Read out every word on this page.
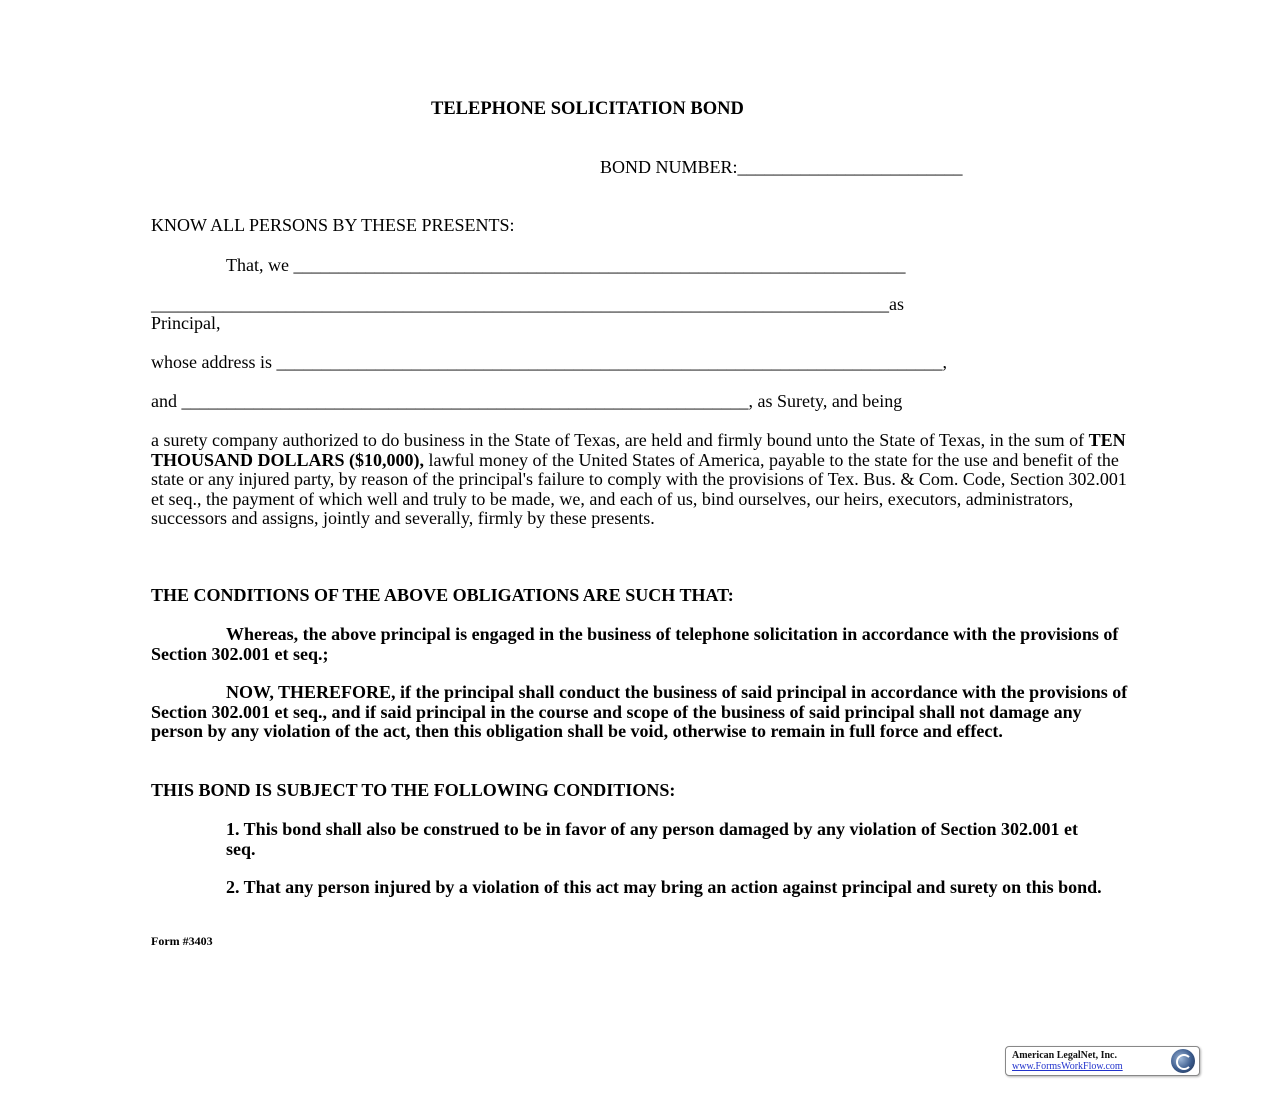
TELEPHONE SOLICITATION BOND
BOND NUMBER:_________________________
KNOW ALL PERSONS BY THESE PRESENTS:
That, we ____________________________________________________________________
__________________________________________________________________________________as
Principal,
whose address is __________________________________________________________________________,
and _______________________________________________________________, as Surety, and being
a surety company authorized to do business in the State of Texas, are held and firmly bound unto the State of Texas, in the sum of TEN THOUSAND DOLLARS ($10,000), lawful money of the United States of America, payable to the state for the use and benefit of the state or any injured party, by reason of the principal's failure to comply with the provisions of Tex. Bus. & Com. Code, Section 302.001 et seq., the payment of which well and truly to be made, we, and each of us, bind ourselves, our heirs, executors, administrators, successors and assigns, jointly and severally, firmly by these presents.
THE CONDITIONS OF THE ABOVE OBLIGATIONS ARE SUCH THAT:
Whereas, the above principal is engaged in the business of telephone solicitation in accordance with the provisions of Section 302.001 et seq.;
NOW, THEREFORE, if the principal shall conduct the business of said principal in accordance with the provisions of Section 302.001 et seq., and if said principal in the course and scope of the business of said principal shall not damage any person by any violation of the act, then this obligation shall be void, otherwise to remain in full force and effect.
THIS BOND IS SUBJECT TO THE FOLLOWING CONDITIONS:
1. This bond shall also be construed to be in favor of any person damaged by any violation of Section 302.001 et seq.
2. That any person injured by a violation of this act may bring an action against principal and surety on this bond.
Form #3403
American LegalNet, Inc.
www.FormsWorkFlow.com
